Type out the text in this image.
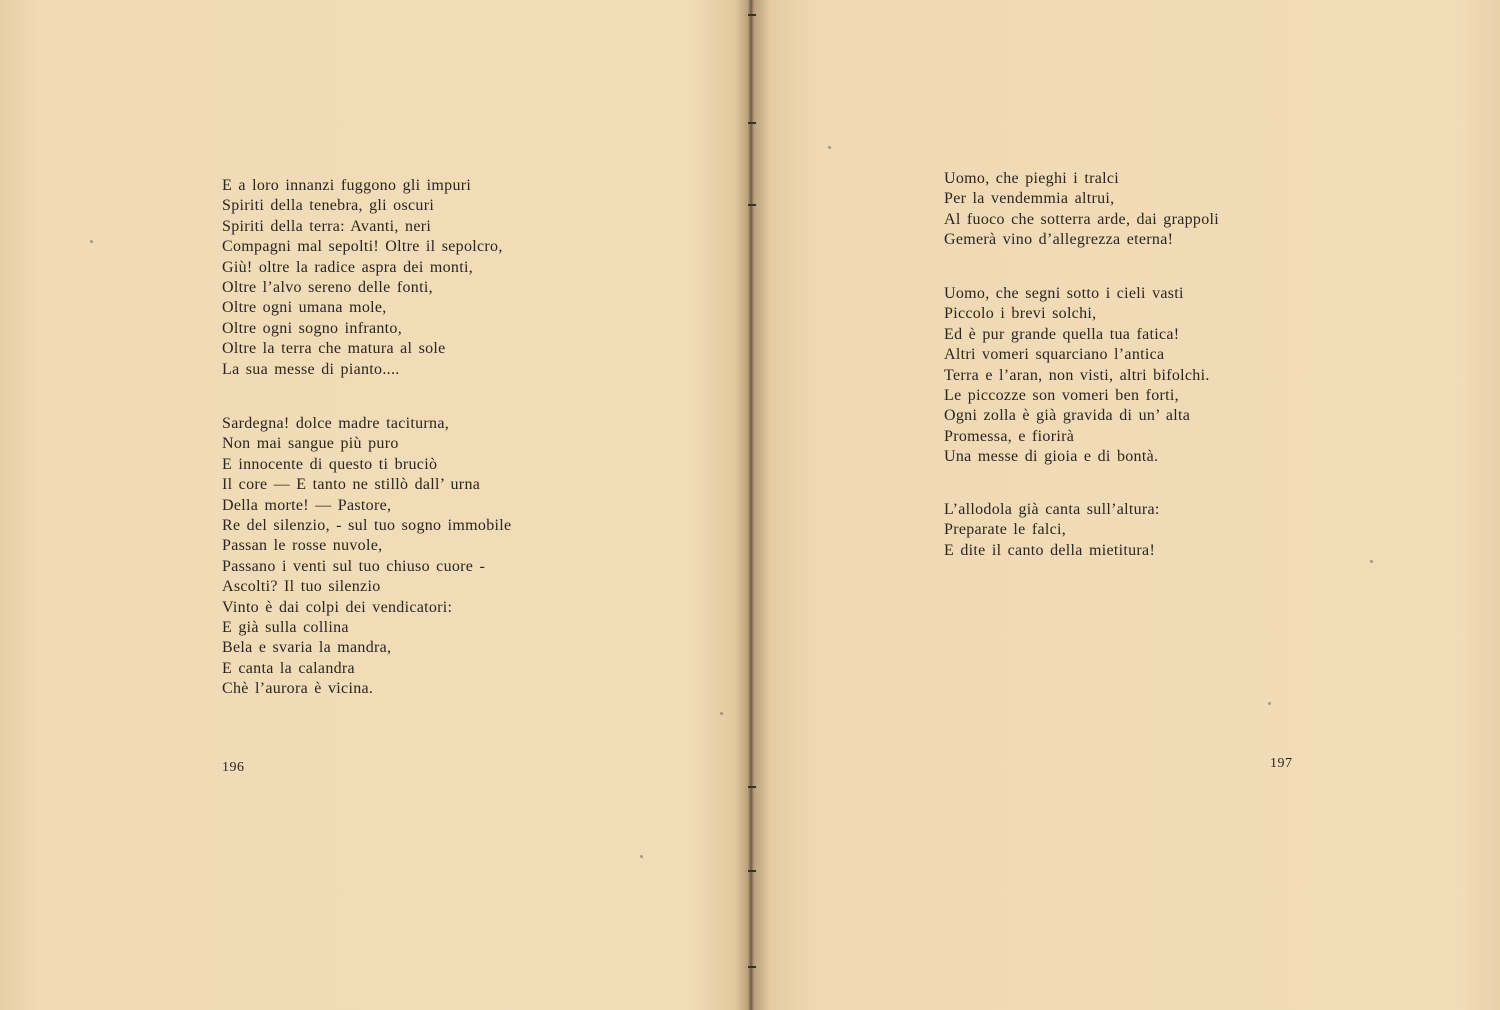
E a loro innanzi fuggono gli impuri
Spiriti della tenebra, gli oscuri
Spiriti della terra: Avanti, neri
Compagni mal sepolti! Oltre il sepolcro,
Giù! oltre la radice aspra dei monti,
Oltre l’alvo sereno delle fonti,
Oltre ogni umana mole,
Oltre ogni sogno infranto,
Oltre la terra che matura al sole
La sua messe di pianto....
Sardegna! dolce madre taciturna,
Non mai sangue più puro
E innocente di questo ti bruciò
Il core — E tanto ne stillò dall’ urna
Della morte! — Pastore,
Re del silenzio, - sul tuo sogno immobile
Passan le rosse nuvole,
Passano i venti sul tuo chiuso cuore -
Ascolti? Il tuo silenzio
Vinto è dai colpi dei vendicatori:
E già sulla collina
Bela e svaria la mandra,
E canta la calandra
Chè l’aurora è vicina.
196
Uomo, che pieghi i tralci
Per la vendemmia altrui,
Al fuoco che sotterra arde, dai grappoli
Gemerà vino d’allegrezza eterna!
Uomo, che segni sotto i cieli vasti
Piccolo i brevi solchi,
Ed è pur grande quella tua fatica!
Altri vomeri squarciano l’antica
Terra e l’aran, non visti, altri bifolchi.
Le piccozze son vomeri ben forti,
Ogni zolla è già gravida di un’ alta
Promessa, e fiorirà
Una messe di gioia e di bontà.
L’allodola già canta sull’altura:
Preparate le falci,
E dite il canto della mietitura!
197
